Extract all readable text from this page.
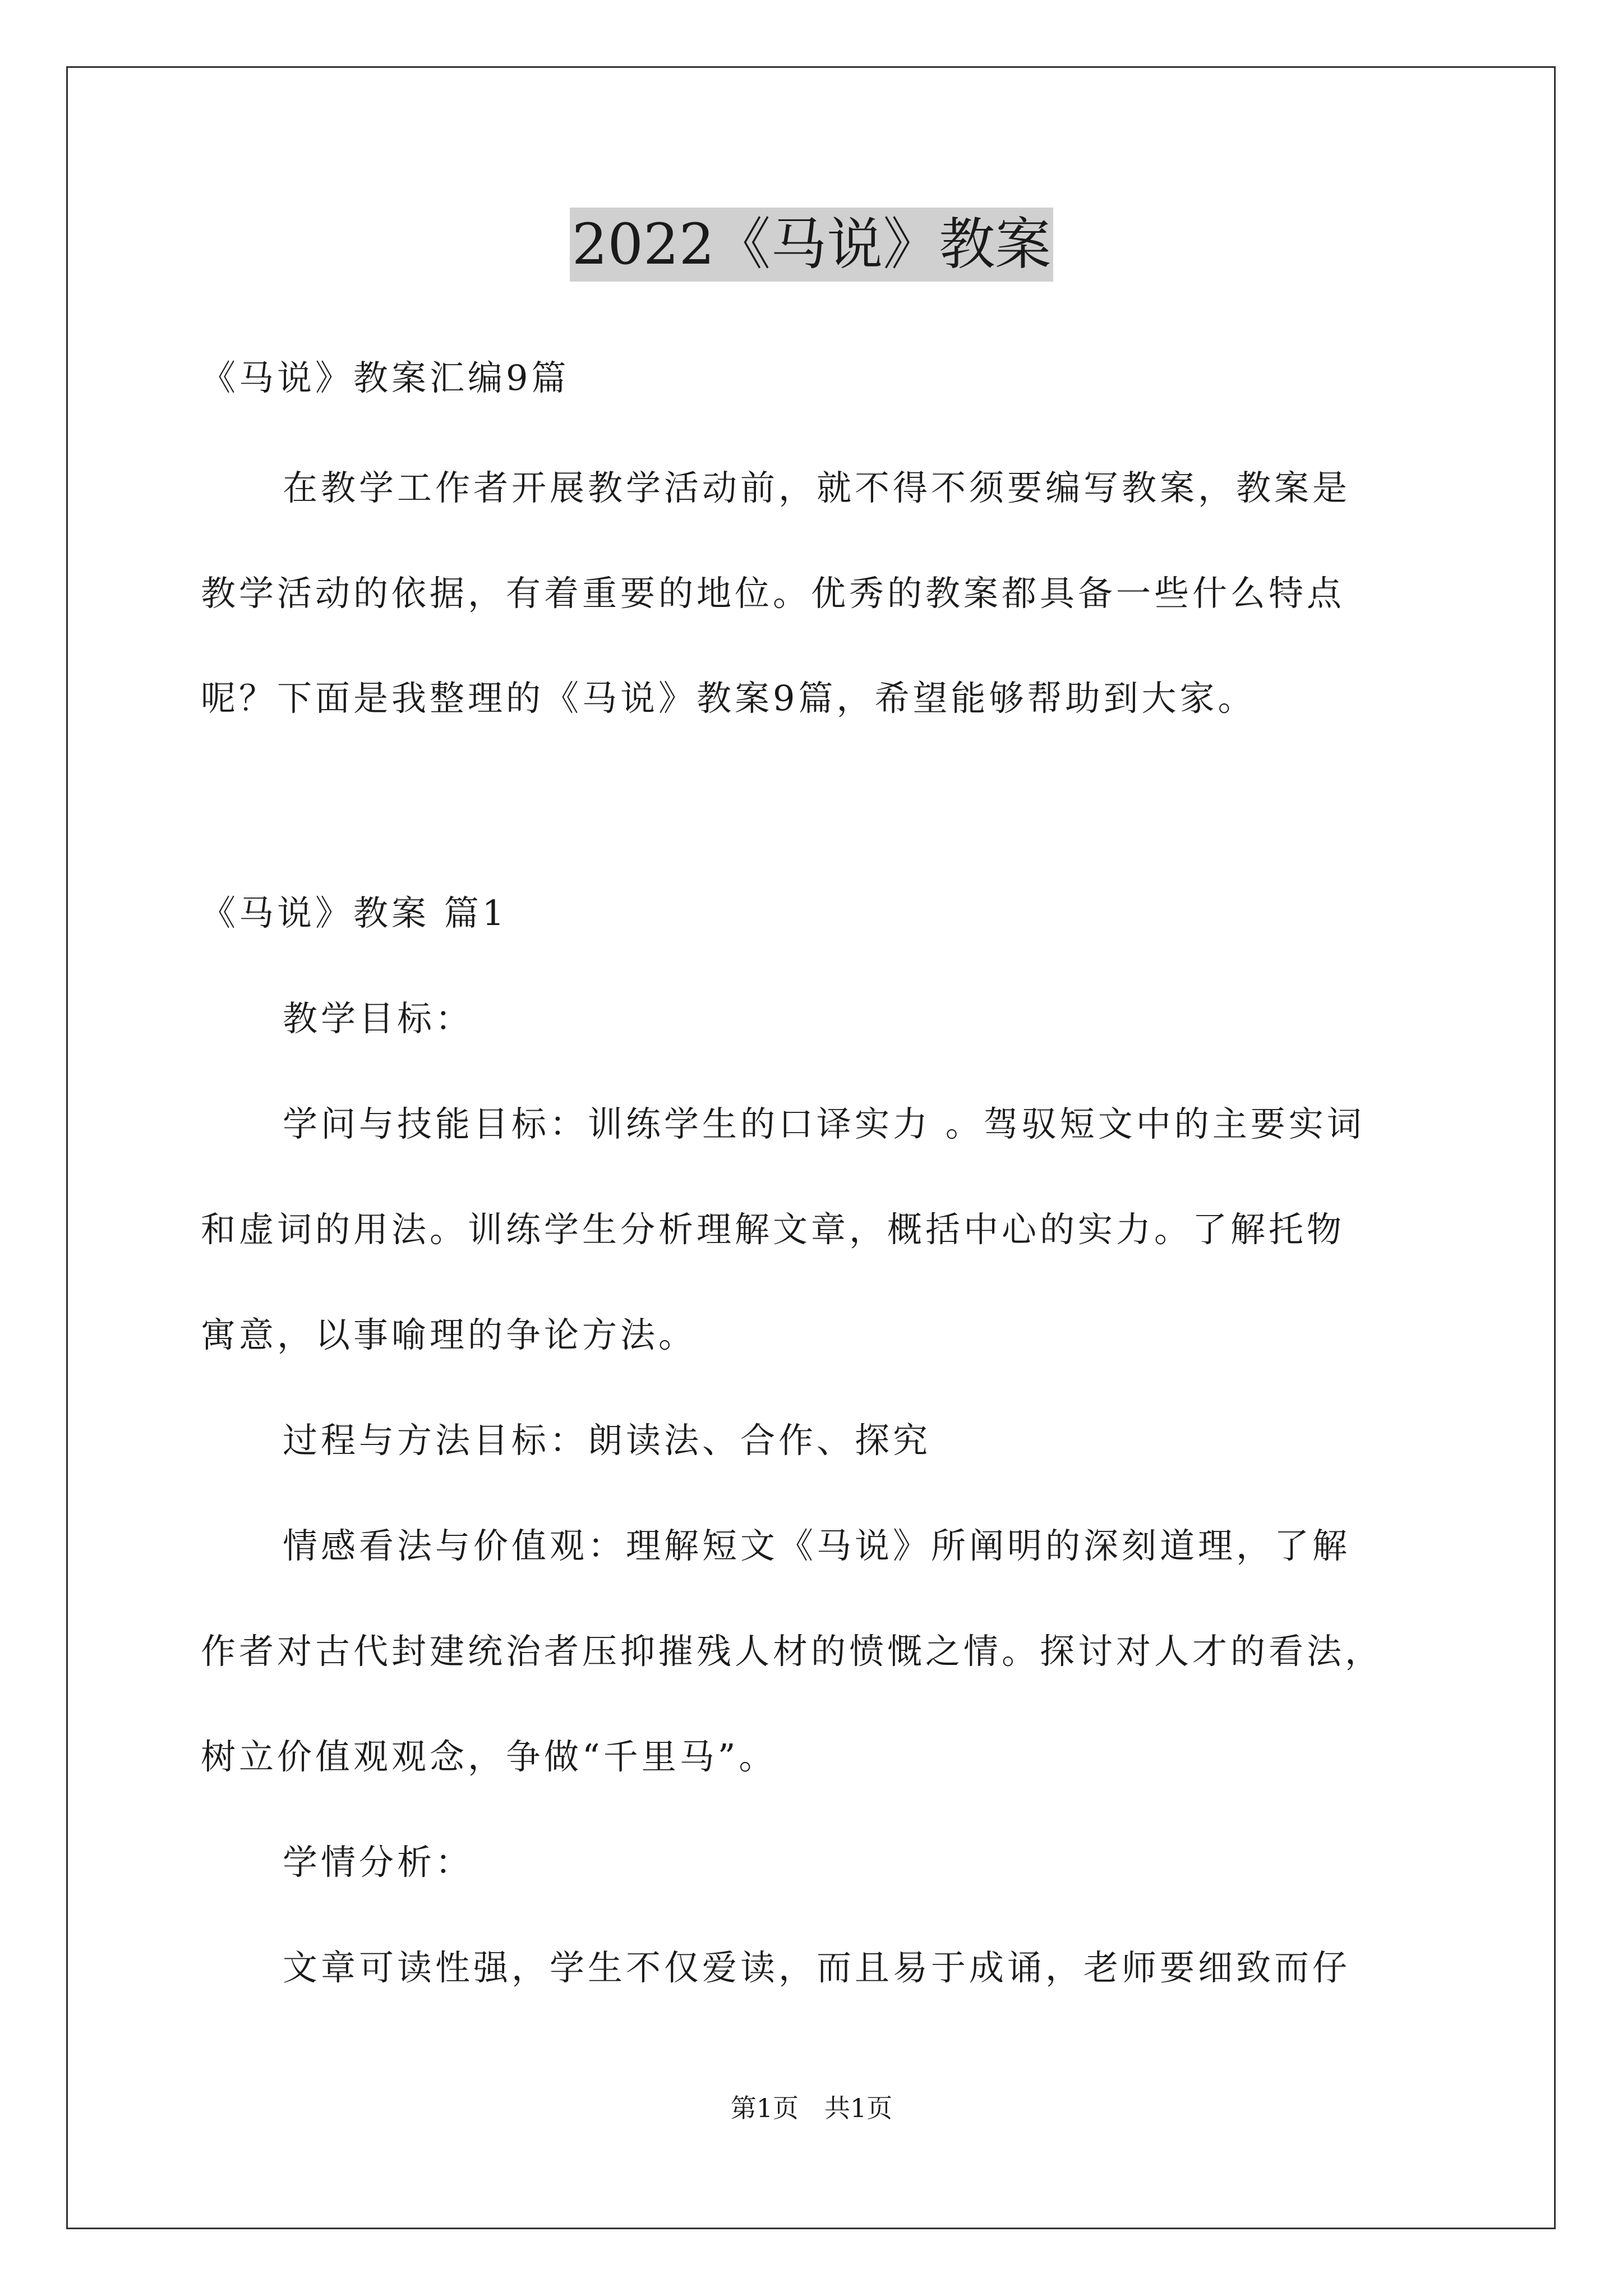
2022《马说》教案
《马说》教案汇编9篇
在教学工作者开展教学活动前，就不得不须要编写教案，教案是
教学活动的依据，有着重要的地位。优秀的教案都具备一些什么特点
呢？下面是我整理的《马说》教案9篇，希望能够帮助到大家。
《马说》教案 篇1
教学目标：
学问与技能目标：训练学生的口译实力 。驾驭短文中的主要实词
和虚词的用法。训练学生分析理解文章，概括中心的实力。了解托物
寓意，以事喻理的争论方法。
过程与方法目标：朗读法、合作、探究
情感看法与价值观：理解短文《马说》所阐明的深刻道理，了解
作者对古代封建统治者压抑摧残人材的愤慨之情。探讨对人才的看法，
树立价值观观念，争做“千里马”。
学情分析：
文章可读性强，学生不仅爱读，而且易于成诵，老师要细致而仔
第1页　共1页
